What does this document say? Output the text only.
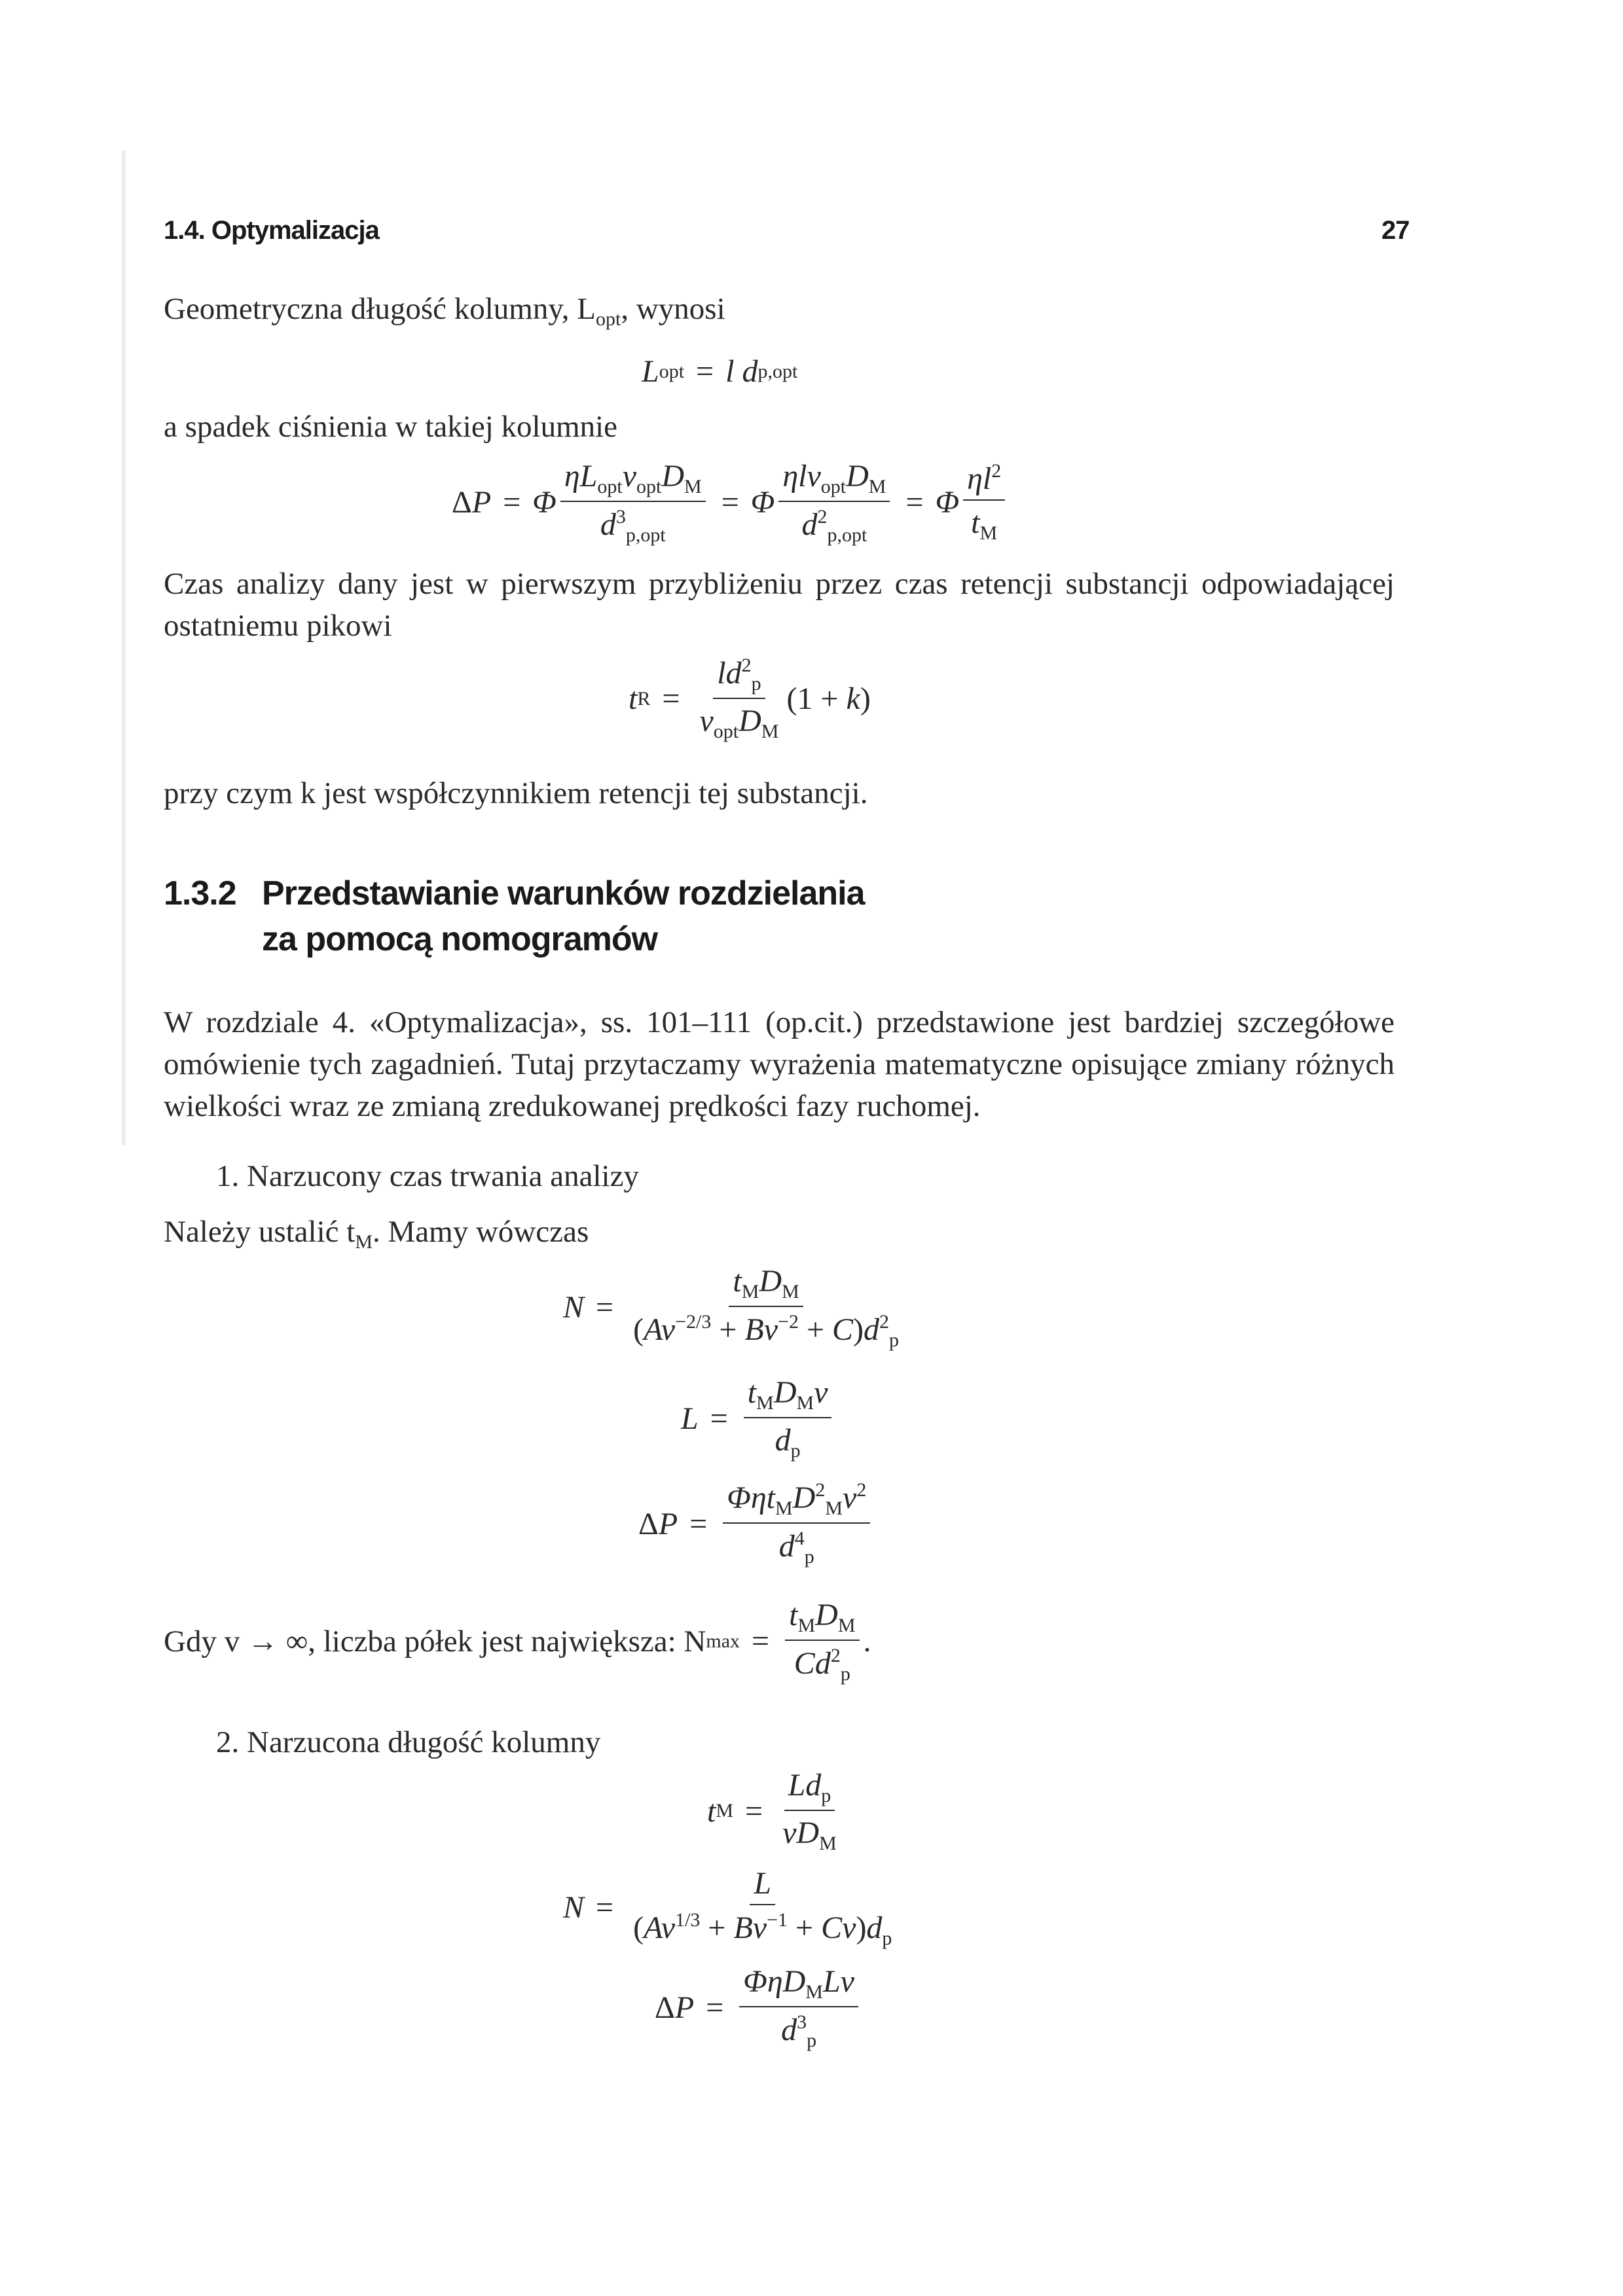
1.4. Optymalizacja	27
Geometryczna długość kolumny, $L_{opt}$, wynosi
L opt = l d p,opt
a spadek ciśnienia w takiej kolumnie
ΔP = Φ $\frac{\eta L_{opt}v_{opt}D_M}{d^3_{p,opt}} = \Phi \frac{\eta lv_{opt}D_M}{d^2_{p,opt}} = \Phi \frac{\eta l^2}{t_M}$
Czas analizy dany jest w pierwszym przybliżeniu przez czas retencji substancji odpowiadającej ostatniemu pikowi
t $R = \frac{ld^2_p}{v_{opt}D_M} (1 + k)$
przy czym k jest współczynnikiem retencji tej substancji.
1.3.2 Przedstawianie warunków rozdzielania
za pomocą nomogramów
W rozdziale 4. «Optymalizacja», ss. 101–111 (op.cit.) przedstawione jest bardziej szczegółowe omówienie tych zagadnień. Tutaj przytaczamy wyrażenia matematyczne opisujące zmiany różnych wielkości wraz ze zmianą zredukowanej prędkości fazy ruchomej.
1. Narzucony czas trwania analizy
Należy ustalić $t_M$. Mamy wówczas
$N = \frac{t_MD_M}{(Av^{-2/3} + Bv^{-2} + C)d^2_p}$
$L = \frac{t_MD_Mv}{d_p}$
$\Delta P = \frac{\Phi\eta t_MD^2_Mv^2}{d^4_p}$
Gdy v → ∞, liczba półek jest największa: N $\max = \frac{t_MD_M}{Cd^2_p}$ .
2. Narzucona długość kolumny
t $M = \frac{Ld_p}{vD_M}$
$N = \frac{L}{(Av^{1/3} + Bv^{-1} + Cv)d_p}$
$\Delta P = \frac{\Phi\eta D_MLv}{d^3_p}$
